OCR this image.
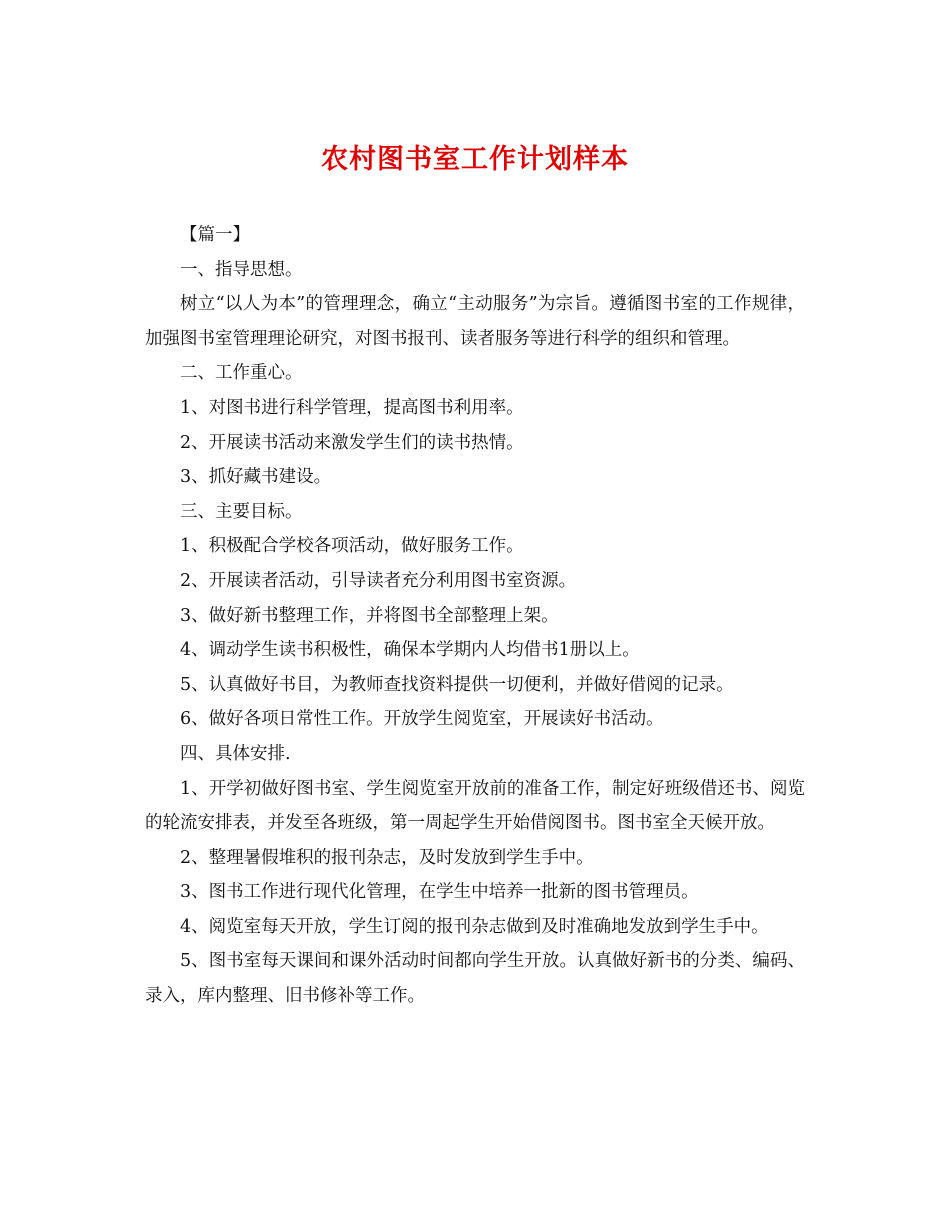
农村图书室工作计划样本

【篇一】

一、指导思想。

树立“以人为本”的管理理念，确立“主动服务”为宗旨。遵循图书室的工作规律，加强图书室管理理论研究，对图书报刊、读者服务等进行科学的组织和管理。

二、工作重心。

1、对图书进行科学管理，提高图书利用率。

2、开展读书活动来激发学生们的读书热情。

3、抓好藏书建设。

三、主要目标。

1、积极配合学校各项活动，做好服务工作。

2、开展读者活动，引导读者充分利用图书室资源。

3、做好新书整理工作，并将图书全部整理上架。

4、调动学生读书积极性，确保本学期内人均借书1册以上。

5、认真做好书目，为教师查找资料提供一切便利，并做好借阅的记录。

6、做好各项日常性工作。开放学生阅览室，开展读好书活动。

四、具体安排.

1、开学初做好图书室、学生阅览室开放前的准备工作，制定好班级借还书、阅览的轮流安排表，并发至各班级，第一周起学生开始借阅图书。图书室全天候开放。

2、整理暑假堆积的报刊杂志，及时发放到学生手中。

3、图书工作进行现代化管理，在学生中培养一批新的图书管理员。

4、阅览室每天开放，学生订阅的报刊杂志做到及时准确地发放到学生手中。

5、图书室每天课间和课外活动时间都向学生开放。认真做好新书的分类、编码、录入，库内整理、旧书修补等工作。
